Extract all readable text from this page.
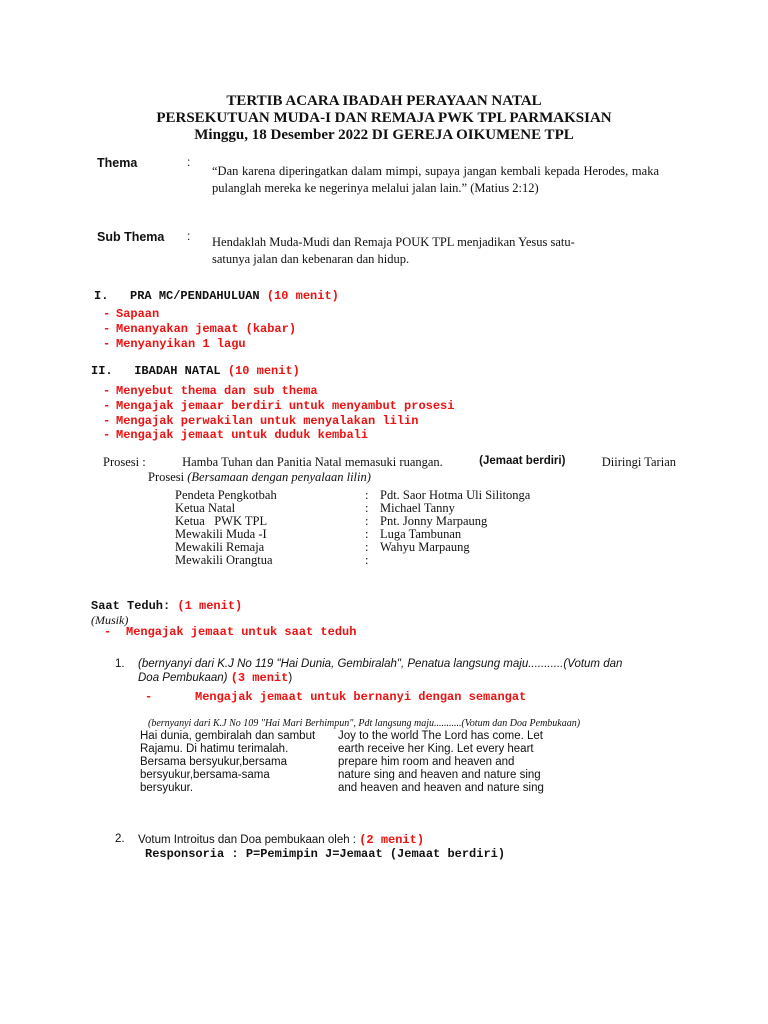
TERTIB ACARA IBADAH PERAYAAN NATAL
PERSEKUTUAN MUDA-I DAN REMAJA PWK TPL PARMAKSIAN
Minggu, 18 Desember 2022 DI GEREJA OIKUMENE TPL
Thema	:
“Dan karena diperingatkan dalam mimpi, supaya jangan kembali kepada Herodes, maka pulanglah mereka ke negerinya melalui jalan lain.” (Matius 2:12)
Sub Thema : Hendaklah Muda-Mudi dan Remaja POUK TPL menjadikan Yesus satu-
satunya jalan dan kebenaran dan hidup.
I. PRA MC/PENDAHULUAN (10 menit)
- Sapaan
- Menanyakan jemaat (kabar)
- Menyanyikan 1 lagu
II. IBADAH NATAL (10 menit)
- Menyebut thema dan sub thema
- Mengajak jemaar berdiri untuk menyambut prosesi
- Mengajak perwakilan untuk menyalakan lilin
- Mengajak jemaat untuk duduk kembali
Prosesi :	Hamba Tuhan dan Panitia Natal memasuki ruangan.	(Jemaat berdiri)	Diiringi Tarian
Prosesi (Bersamaan dengan penyalaan lilin)
Pendeta Pengkotbah	:	Pdt. Saor Hotma Uli Silitonga
Ketua Natal	:	Michael Tanny
Ketua   PWK TPL	:	Pnt. Jonny Marpaung
Mewakili Muda -I	:	Luga Tambunan
Mewakili Remaja	:	Wahyu Marpaung
Mewakili Orangtua	:	
Saat Teduh: (1 menit)
(Musik)
- Mengajak jemaat untuk saat teduh
1. (bernyanyi dari K.J No 119 "Hai Dunia, Gembiralah", Penatua langsung maju...........(Votum dan
Doa Pembukaan) (3 menit)
-	Mengajak jemaat untuk bernanyi dengan semangat
(bernyanyi dari K.J No 109 "Hai Mari Berhimpun", Pdt langsung maju...........(Votum dan Doa Pembukaan)
Hai dunia, gembiralah dan sambut Rajamu. Di hatimu terimalah. Bersama bersyukur,bersama bersyukur,bersama-sama bersyukur.
Joy to the world The Lord has come. Let earth receive her King. Let every heart prepare him room and heaven and nature sing and heaven and nature sing and heaven and heaven and nature sing
2. Votum Introitus dan Doa pembukaan oleh : (2 menit)
Responsoria : P=Pemimpin J=Jemaat (Jemaat berdiri)
